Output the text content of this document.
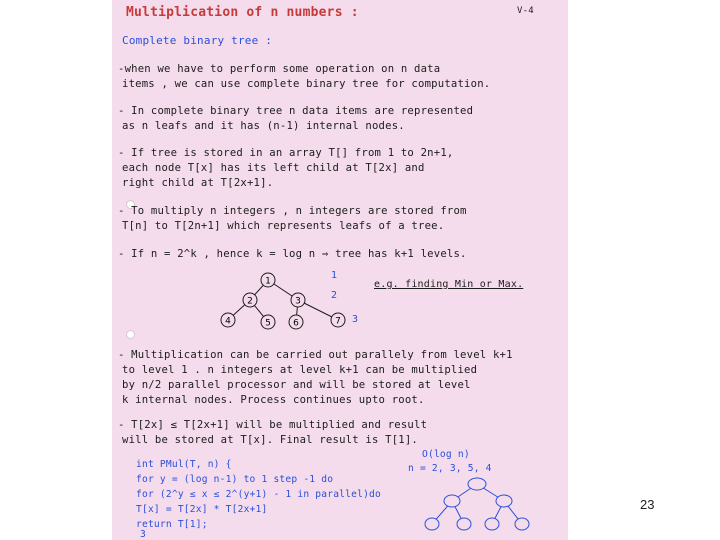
V-4
Multiplication of n numbers :
Complete binary tree :
-when we have to perform some operation on n data
items , we can use complete binary tree for computation.
- In complete binary tree n data items are represented
as n leafs and it has (n-1) internal nodes.
- If tree is stored in an array T[] from 1 to 2n+1,
each node T[x] has its left child at T[2x] and
right child at T[2x+1].
- To multiply n integers , n integers are stored from
T[n] to T[2n+1] which represents leafs of a tree.
- If n = 2^k , hence k = log n ⇒ tree has k+1 levels.
1
2	3
4	5 6	7
1
2
3
e.g. finding Min or Max.
- Multiplication can be carried out parallely from level k+1
to level 1 . n integers at level k+1 can be multiplied
by n/2 parallel processor and will be stored at level
k internal nodes. Process continues upto root.
- T[2x] ≤ T[2x+1] will be multiplied and result
will be stored at T[x]. Final result is T[1].
int PMul(T, n) {
for y = (log n-1) to 1 step -1 do
for (2^y ≤ x ≤ 2^(y+1) - 1 in parallel)do
T[x] = T[2x] * T[2x+1]
return T[1];
3
O(log n)
n = 2, 3, 5, 4
23
